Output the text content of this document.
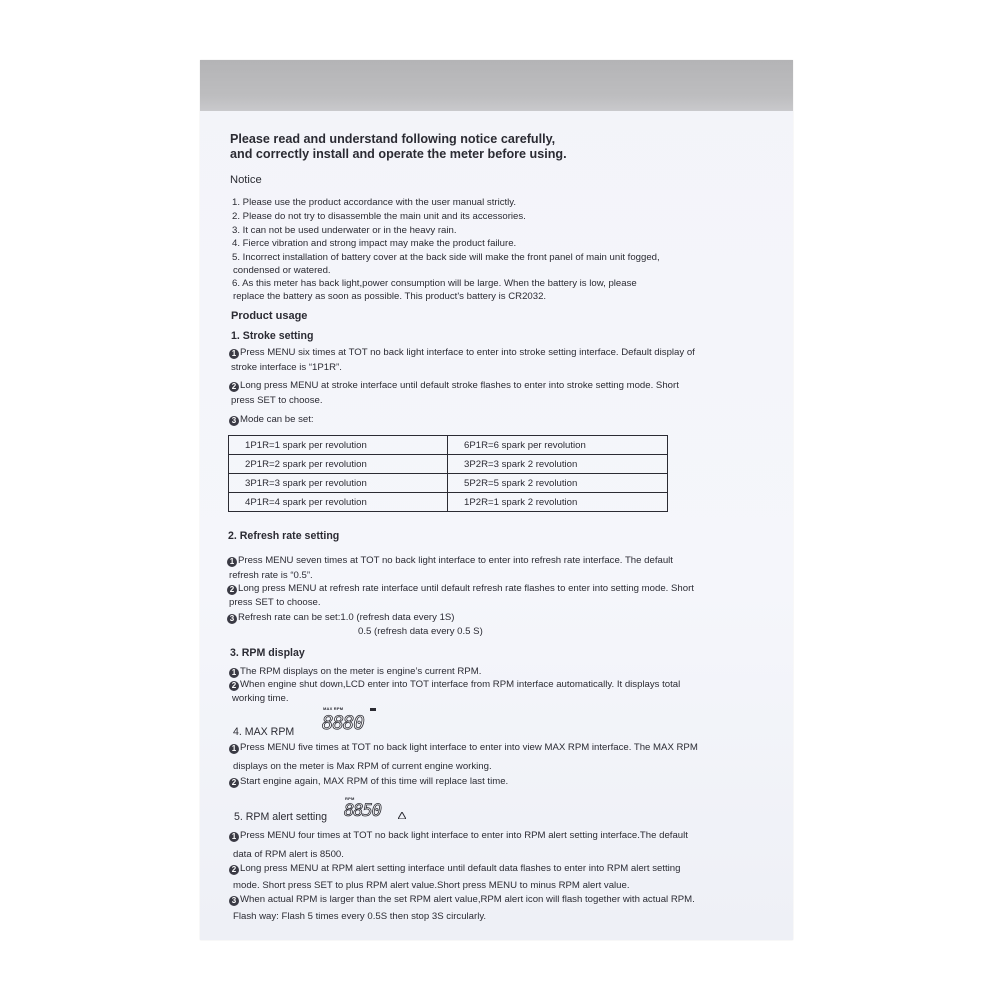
Please read and understand following notice carefully,
and correctly install and operate the meter before using.
Notice
1. Please use the product accordance with the user manual strictly.
2. Please do not try to disassemble the main unit and its accessories.
3. It can not be used underwater or in the heavy rain.
4. Fierce vibration and strong impact may make the product failure.
5. Incorrect installation of battery cover at the back side will make the front panel of main unit fogged,
condensed or watered.
6. As this meter has back light,power consumption will be large. When the battery is low, please
replace the battery as soon as possible. This product's battery is CR2032.
Product usage
1. Stroke setting
1 Press MENU six times at TOT no back light interface to enter into stroke setting interface. Default display of
stroke interface is “1P1R”.
2 Long press MENU at stroke interface until default stroke flashes to enter into stroke setting mode. Short
press SET to choose.
3 Mode can be set:
1P1R=1 spark per revolution	6P1R=6 spark per revolution
2P1R=2 spark per revolution	3P2R=3 spark 2 revolution
3P1R=3 spark per revolution	5P2R=5 spark 2 revolution
4P1R=4 spark per revolution	1P2R=1 spark 2 revolution
2. Refresh rate setting
1 Press MENU seven times at TOT no back light interface to enter into refresh rate interface. The default
refresh rate is “0.5”.
2 Long press MENU at refresh rate interface until default refresh rate flashes to enter into setting mode. Short
press SET to choose.
3 Refresh rate can be set:1.0 (refresh data every 1S)
0.5 (refresh data every 0.5 S)
3. RPM display
1 The RPM displays on the meter is engine’s current RPM.
2 When engine shut down,LCD enter into TOT interface from RPM interface automatically. It displays total
working time.
4. MAX RPM
MAX RPM
8880
1 Press MENU five times at TOT no back light interface to enter into view MAX RPM interface. The MAX RPM
displays on the meter is Max RPM of current engine working.
2 Start engine again, MAX RPM of this time will replace last time.
5. RPM alert setting
RPM
8850
1 Press MENU four times at TOT no back light interface to enter into RPM alert setting interface.The default
data of RPM alert is 8500.
2 Long press MENU at RPM alert setting interface until default data flashes to enter into RPM alert setting
mode. Short press SET to plus RPM alert value.Short press MENU to minus RPM alert value.
3 When actual RPM is larger than the set RPM alert value,RPM alert icon will flash together with actual RPM.
Flash way: Flash 5 times every 0.5S then stop 3S circularly.
